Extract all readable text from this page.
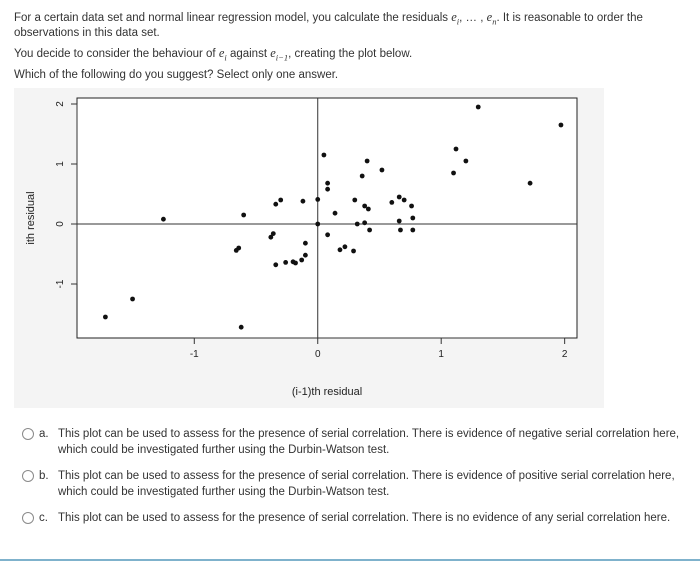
For a certain data set and normal linear regression model, you calculate the residuals $e_i$, … , $e_n$. It is reasonable to order the

observations in this data set.

You decide to consider the behaviour of $e_i$ against $e_{i-1}$, creating the plot below.

Which of the following do you suggest? Select only one answer.

-1	0	1	2
-1
0
1
2
(i-1)th residual
ith residual
a. This plot can be used to assess for the presence of serial correlation. There is evidence of negative serial correlation here, which could be investigated further using the Durbin-Watson test.
b. This plot can be used to assess for the presence of serial correlation. There is evidence of positive serial correlation here, which could be investigated further using the Durbin-Watson test.
c. This plot can be used to assess for the presence of serial correlation. There is no evidence of any serial correlation here.
